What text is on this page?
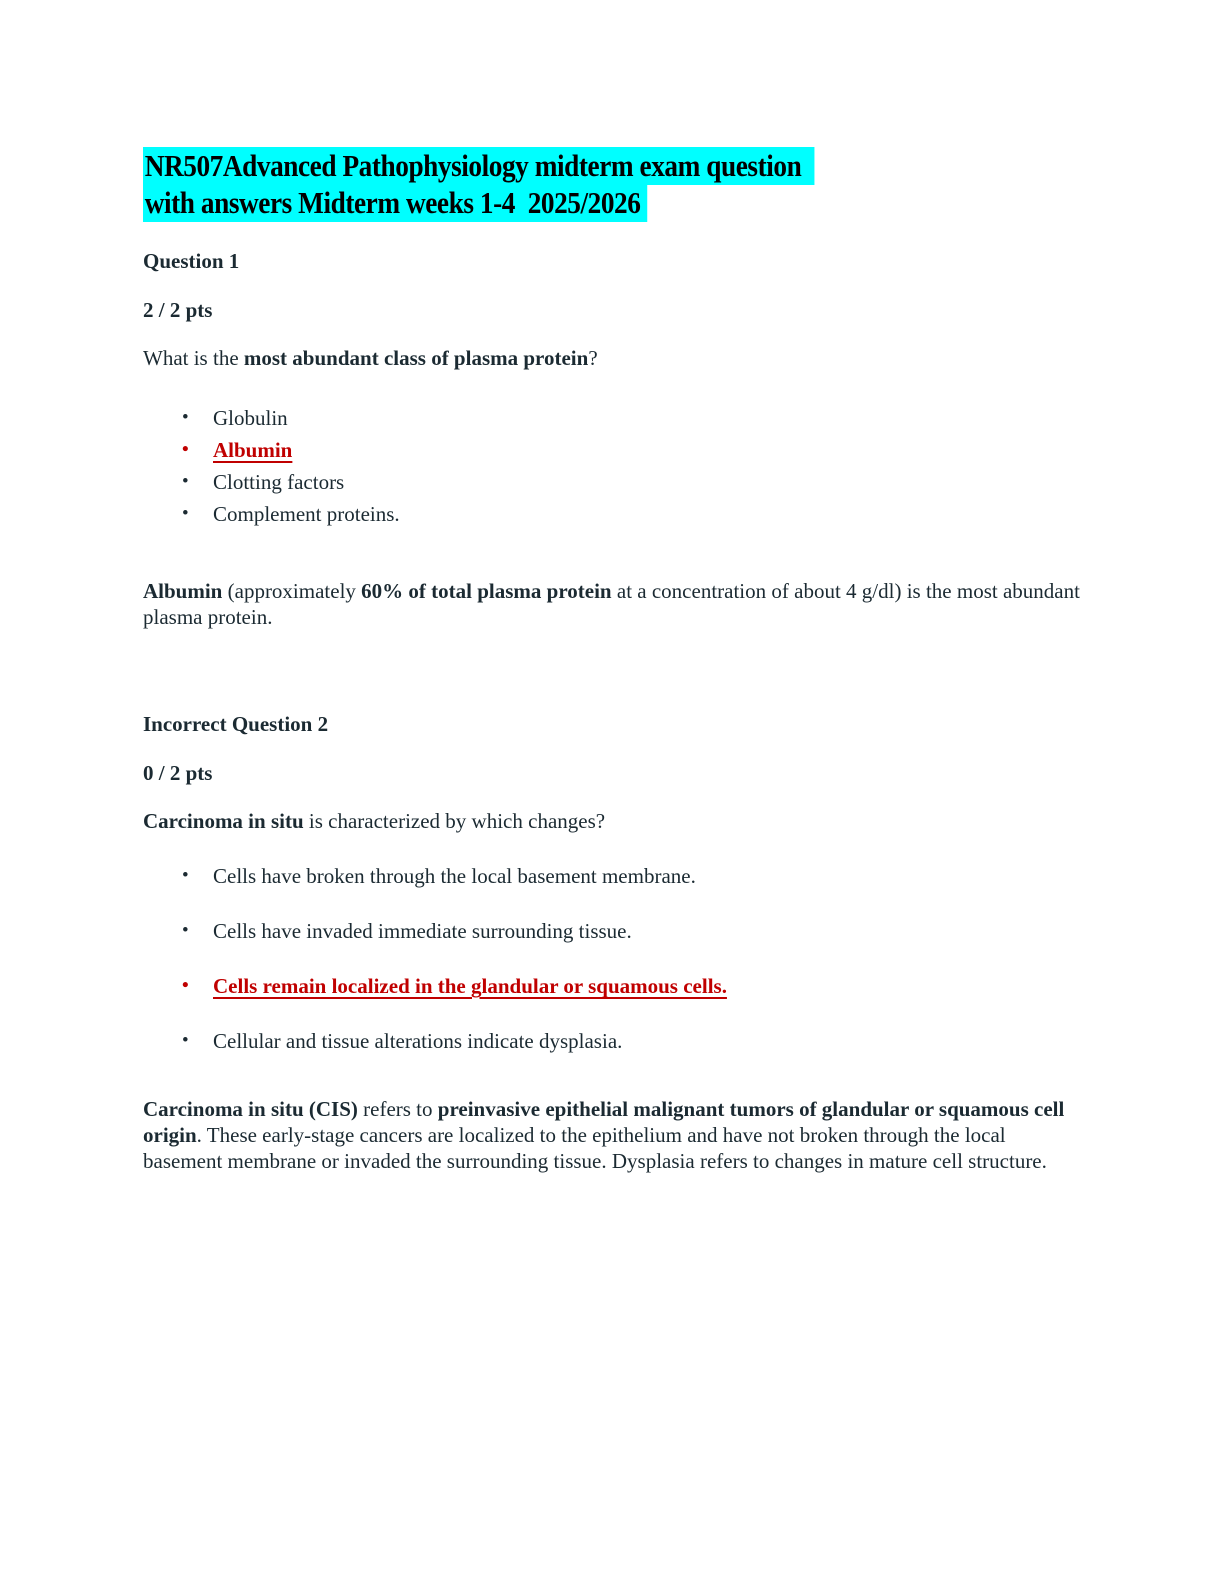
NR507Advanced Pathophysiology midterm exam question
with answers Midterm weeks 1-4  2025/2026
Question 1

2 / 2 pts

What is the most abundant class of plasma protein?

• Globulin
• Albumin
• Clotting factors
• Complement proteins.

Albumin (approximately 60% of total plasma protein at a concentration of about 4 g/dl) is the most abundant plasma protein.

Incorrect Question 2

0 / 2 pts

Carcinoma in situ is characterized by which changes?

• Cells have broken through the local basement membrane.
• Cells have invaded immediate surrounding tissue.
• Cells remain localized in the glandular or squamous cells.
• Cellular and tissue alterations indicate dysplasia.

Carcinoma in situ (CIS) refers to preinvasive epithelial malignant tumors of glandular or squamous cell origin. These early-stage cancers are localized to the epithelium and have not broken through the local basement membrane or invaded the surrounding tissue. Dysplasia refers to changes in mature cell structure.
